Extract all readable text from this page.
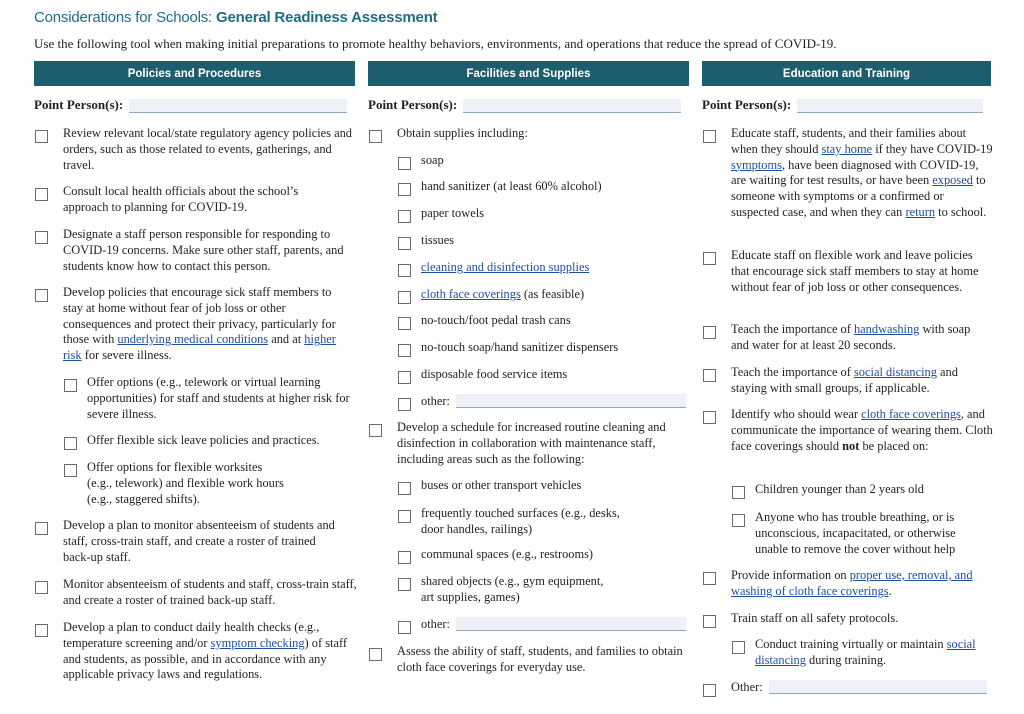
Considerations for Schools: General Readiness Assessment
Use the following tool when making initial preparations to promote healthy behaviors, environments, and operations that reduce the spread of COVID-19.
Policies and Procedures	Facilities and Supplies	Education and Training
Point Person(s):	Point Person(s):	Point Person(s):
Review relevant local/state regulatory agency policies and orders, such as those related to events, gatherings, and travel.
Consult local health officials about the school’s approach to planning for COVID-19.
Designate a staff person responsible for responding to COVID-19 concerns. Make sure other staff, parents, and students know how to contact this person.
Develop policies that encourage sick staff members to stay at home without fear of job loss or other consequences and protect their privacy, particularly for those with underlying medical conditions and at higher risk for severe illness.
Offer options (e.g., telework or virtual learning opportunities) for staff and students at higher risk for severe illness.
Offer flexible sick leave policies and practices.
Offer options for flexible worksites
(e.g., telework) and flexible work hours
(e.g., staggered shifts).
Develop a plan to monitor absenteeism of students and staff, cross-train staff, and create a roster of trained back-up staff.
Monitor absenteeism of students and staff, cross-train staff, and create a roster of trained back-up staff.
Develop a plan to conduct daily health checks (e.g., temperature screening and/or symptom checking) of staff and students, as possible, and in accordance with any applicable privacy laws and regulations.
Obtain supplies including:
soap
hand sanitizer (at least 60% alcohol)
paper towels
tissues
cleaning and disinfection supplies
cloth face coverings (as feasible)
no-touch/foot pedal trash cans
no-touch soap/hand sanitizer dispensers
disposable food service items
other:
Develop a schedule for increased routine cleaning and disinfection in collaboration with maintenance staff, including areas such as the following:
buses or other transport vehicles
frequently touched surfaces (e.g., desks,
door handles, railings)
communal spaces (e.g., restrooms)
shared objects (e.g., gym equipment,
art supplies, games)
other:
Assess the ability of staff, students, and families to obtain cloth face coverings for everyday use.
Educate staff, students, and their families about when they should stay home if they have COVID-19 symptoms, have been diagnosed with COVID-19, are waiting for test results, or have been exposed to someone with symptoms or a confirmed or suspected case, and when they can return to school.
Educate staff on flexible work and leave policies that encourage sick staff members to stay at home without fear of job loss or other consequences.
Teach the importance of handwashing with soap and water for at least 20 seconds.
Teach the importance of social distancing and staying with small groups, if applicable.
Identify who should wear cloth face coverings, and communicate the importance of wearing them. Cloth face coverings should not be placed on:
Children younger than 2 years old
Anyone who has trouble breathing, or is unconscious, incapacitated, or otherwise unable to remove the cover without help
Provide information on proper use, removal, and washing of cloth face coverings.
Train staff on all safety protocols.
Conduct training virtually or maintain social distancing during training.
Other:
